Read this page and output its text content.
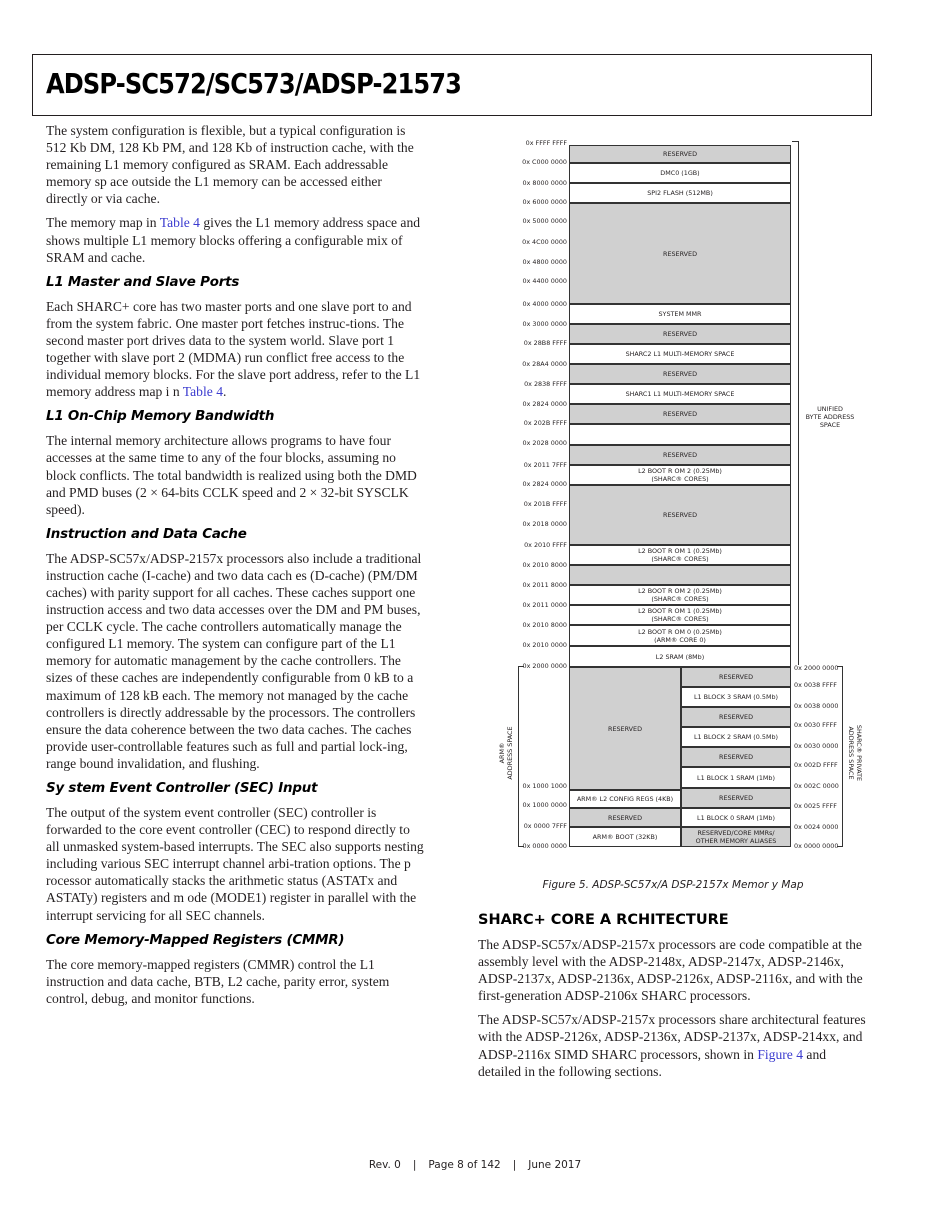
ADSP-SC572/SC573/ADSP-21573

The system configuration is flexible, but a typical configuration is 512 Kb DM, 128 Kb PM, and 128 Kb of instruction cache, with the remaining L1 memory configured as SRAM. Each addressable memory sp ace outside the L1 memory can be accessed either directly or via cache.

The memory map in Table 4 gives the L1 memory address space and shows multiple L1 memory blocks offering a configurable mix of SRAM and cache.

L1 Master and Slave Ports

Each SHARC+ core has two master ports and one slave port to and from the system fabric. One master port fetches instruc-tions. The second master port drives data to the system world. Slave port 1 together with slave port 2 (MDMA) run conflict free access to the individual memory blocks. For the slave port address, refer to the L1 memory address map i n Table 4.

L1 On-Chip Memory Bandwidth

The internal memory architecture allows programs to have four accesses at the same time to any of the four blocks, assuming no block conflicts. The total bandwidth is realized using both the DMD and PMD buses (2 × 64-bits CCLK speed and 2 × 32-bit SYSCLK speed).

Instruction and Data Cache

The ADSP-SC57x/ADSP-2157x processors also include a traditional instruction cache (I-cache) and two data cach es (D-cache) (PM/DM caches) with parity support for all caches. These caches support one instruction access and two data accesses over the DM and PM buses, per CCLK cycle. The cache controllers automatically manage the configured L1 memory. The system can configure part of the L1 memory for automatic management by the cache controllers. The sizes of these caches are independently configurable from 0 kB to a maximum of 128 kB each. The memory not managed by the cache controllers is directly addressable by the processors. The controllers ensure the data coherence between the two data caches. The caches provide user-controllable features such as full and partial lock-ing, range bound invalidation, and flushing.

Sy stem Event Controller (SEC) Input

The output of the system event controller (SEC) controller is forwarded to the core event controller (CEC) to respond directly to all unmasked system-based interrupts. The SEC also supports nesting including various SEC interrupt channel arbi-tration options. The p rocessor automatically stacks the arithmetic status (ASTATx and ASTATy) registers and m ode (MODE1) register in parallel with the interrupt servicing for all SEC channels.

Core Memory-Mapped Registers (CMMR)

The core memory-mapped registers (CMMR) control the L1 instruction and data cache, BTB, L2 cache, parity error, system control, debug, and monitor functions.

0x FFFF FFFF
0x C000 0000
0x 8000 0000
0x 6000 0000
0x 5000 0000
0x 4C00 0000
0x 4800 0000
0x 4400 0000
0x 4000 0000
0x 3000 0000
0x 28B8 FFFF
0x 28A4 0000
0x 2838 FFFF
0x 2824 0000
0x 202B FFFF
0x 2028 0000
0x 2011 7FFF
0x 2824 0000
0x 201B FFFF
0x 2018 0000
0x 2010 FFFF
0x 2010 8000
0x 2011 8000
0x 2011 0000
0x 2010 8000
0x 2010 0000
RESERVED
DMC0 (1GB)
SPI2 FLASH (512MB)
RESERVED
SYSTEM MMR
RESERVED
SHARC2 L1 MULTI-MEMORY SPACE
RESERVED
SHARC1 L1 MULTI-MEMORY SPACE
RESERVED
RESERVED
L2 BOOT R OM 2 (0.25Mb)
(SHARC® CORES)
RESERVED
L2 BOOT R OM 1 (0.25Mb)
(SHARC® CORES)
L2 BOOT R OM 2 (0.25Mb)
(SHARC® CORES)
L2 BOOT R OM 1 (0.25Mb)
(SHARC® CORES)
L2 BOOT R OM 0 (0.25Mb)
(ARM® CORE 0)
L2 SRAM (8Mb)
UNIFIED
BYTE ADDRESS
SPACE
0x 2000 0000
0x 1000 1000
0x 1000 0000
0x 0000 7FFF
0x 0000 0000
ARM® ADDRESS SPACE	RESERVED
ARM® L2 CONFIG REGS (4KB)
RESERVED
ARM® BOOT (32KB)
RESERVED
L1 BLOCK 3 SRAM (0.5Mb)
RESERVED
L1 BLOCK 2 SRAM (0.5Mb)
RESERVED
L1 BLOCK 1 SRAM (1Mb)
RESERVED
L1 BLOCK 0 SRAM (1Mb)
RESERVED/CORE MMRs/
OTHER MEMORY ALIASES
0x 2000 0000
0x 0038 FFFF
0x 0038 0000
0x 0030 FFFF
0x 0030 0000
0x 002D FFFF
0x 002C 0000
0x 0025 FFFF
0x 0024 0000
0x 0000 0000
SHARC® PRIVATE
ADDRESS SPACE
Figure 5. ADSP-SC57x/A DSP-2157x Memor y Map
SHARC+ CORE A RCHITECTURE

The ADSP-SC57x/ADSP-2157x processors are code compatible at the assembly level with the ADSP-2148x, ADSP-2147x, ADSP-2146x, ADSP-2137x, ADSP-2136x, ADSP-2126x, ADSP-2116x, and with the first-generation ADSP-2106x SHARC processors.

The ADSP-SC57x/ADSP-2157x processors share architectural features with the ADSP-2126x, ADSP-2136x, ADSP-2137x, ADSP-214xx, and ADSP-2116x SIMD SHARC processors, shown in Figure 4 and detailed in the following sections.

Rev. 0 | Page 8 of 142 | June 2017
